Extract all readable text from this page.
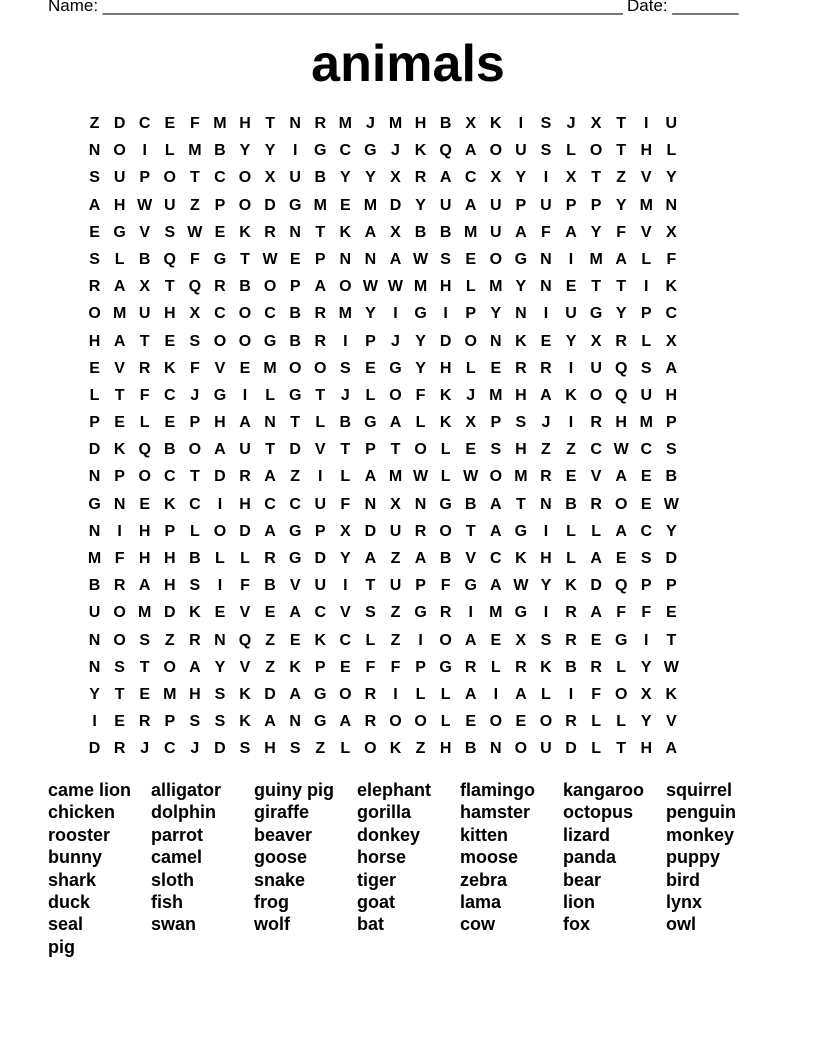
Name: _______________________________________________________ Date: _______
animals
Z D C E F M H T N R M J M H B X K	I	S J X T	I	U
N O	I	L M B Y Y	I	G C G J K Q A O U S L O T H L
S U P O T C O X U B Y Y X R A C X Y	I	X T Z V Y
A H W U Z P O D G M E M D Y U A U P U P P Y M N
E G V S W E K R N T K A X B B M U A F A Y F V X
S L B Q F G T W E P N N A W S E O G N	I	M A L F
R A X T Q R B O P A O W W M H L M Y N E T T	I	K
O M U H X C O C B R M Y	I	G	I	P Y N	I	U G Y P C
H A T E S O O G B R	I	P J Y D O N K E Y X R L X
E V R K F V E M O O S E G Y H L E R R	I	U Q S A
L T F C J G	I	L G T J L O F K J M H A K O Q U H
P E L E P H A N T L B G A L K X P S J	I	R H M P
D K Q B O A U T D V T P T O L E S H Z Z C W C S
N P O C T D R A Z	I	L A M W L W O M R E V A E B
G N E K C	I	H C C U F N X N G B A T N B R O E W
N	I	H P L O D A G P X D U R O T A G	I	L L A C Y
M F H H B L L R G D Y A Z A B V C K H L A E S D
B R A H S	I	F B V U	I	T U P F G A W Y K D Q P P
U O M D K E V E A C V S Z G R	I	M G	I	R A F F E
N O S Z R N Q Z E K C L Z	I	O A E X S R E G	I	T
N S T O A Y V Z K P E F F P G R L R K B R L Y W
Y T E M H S K D A G O R	I	L L A	I	A L	I	F O X K
I	E R P S S K A N G A R O O L E O E O R L L Y V
D R J C J D S H S Z L O K Z H B N O U D L T H A
came lion	alligator	guiny pig	elephant	flamingo	kangaroo	squirrel
chicken	dolphin	giraffe	gorilla	hamster	octopus	penguin
rooster	parrot	beaver	donkey	kitten	lizard	monkey
bunny	camel	goose	horse	moose	panda	puppy
shark	sloth	snake	tiger	zebra	bear	bird
duck	fish	frog	goat	lama	lion	lynx
seal	swan	wolf	bat	cow	fox	owl
pig
